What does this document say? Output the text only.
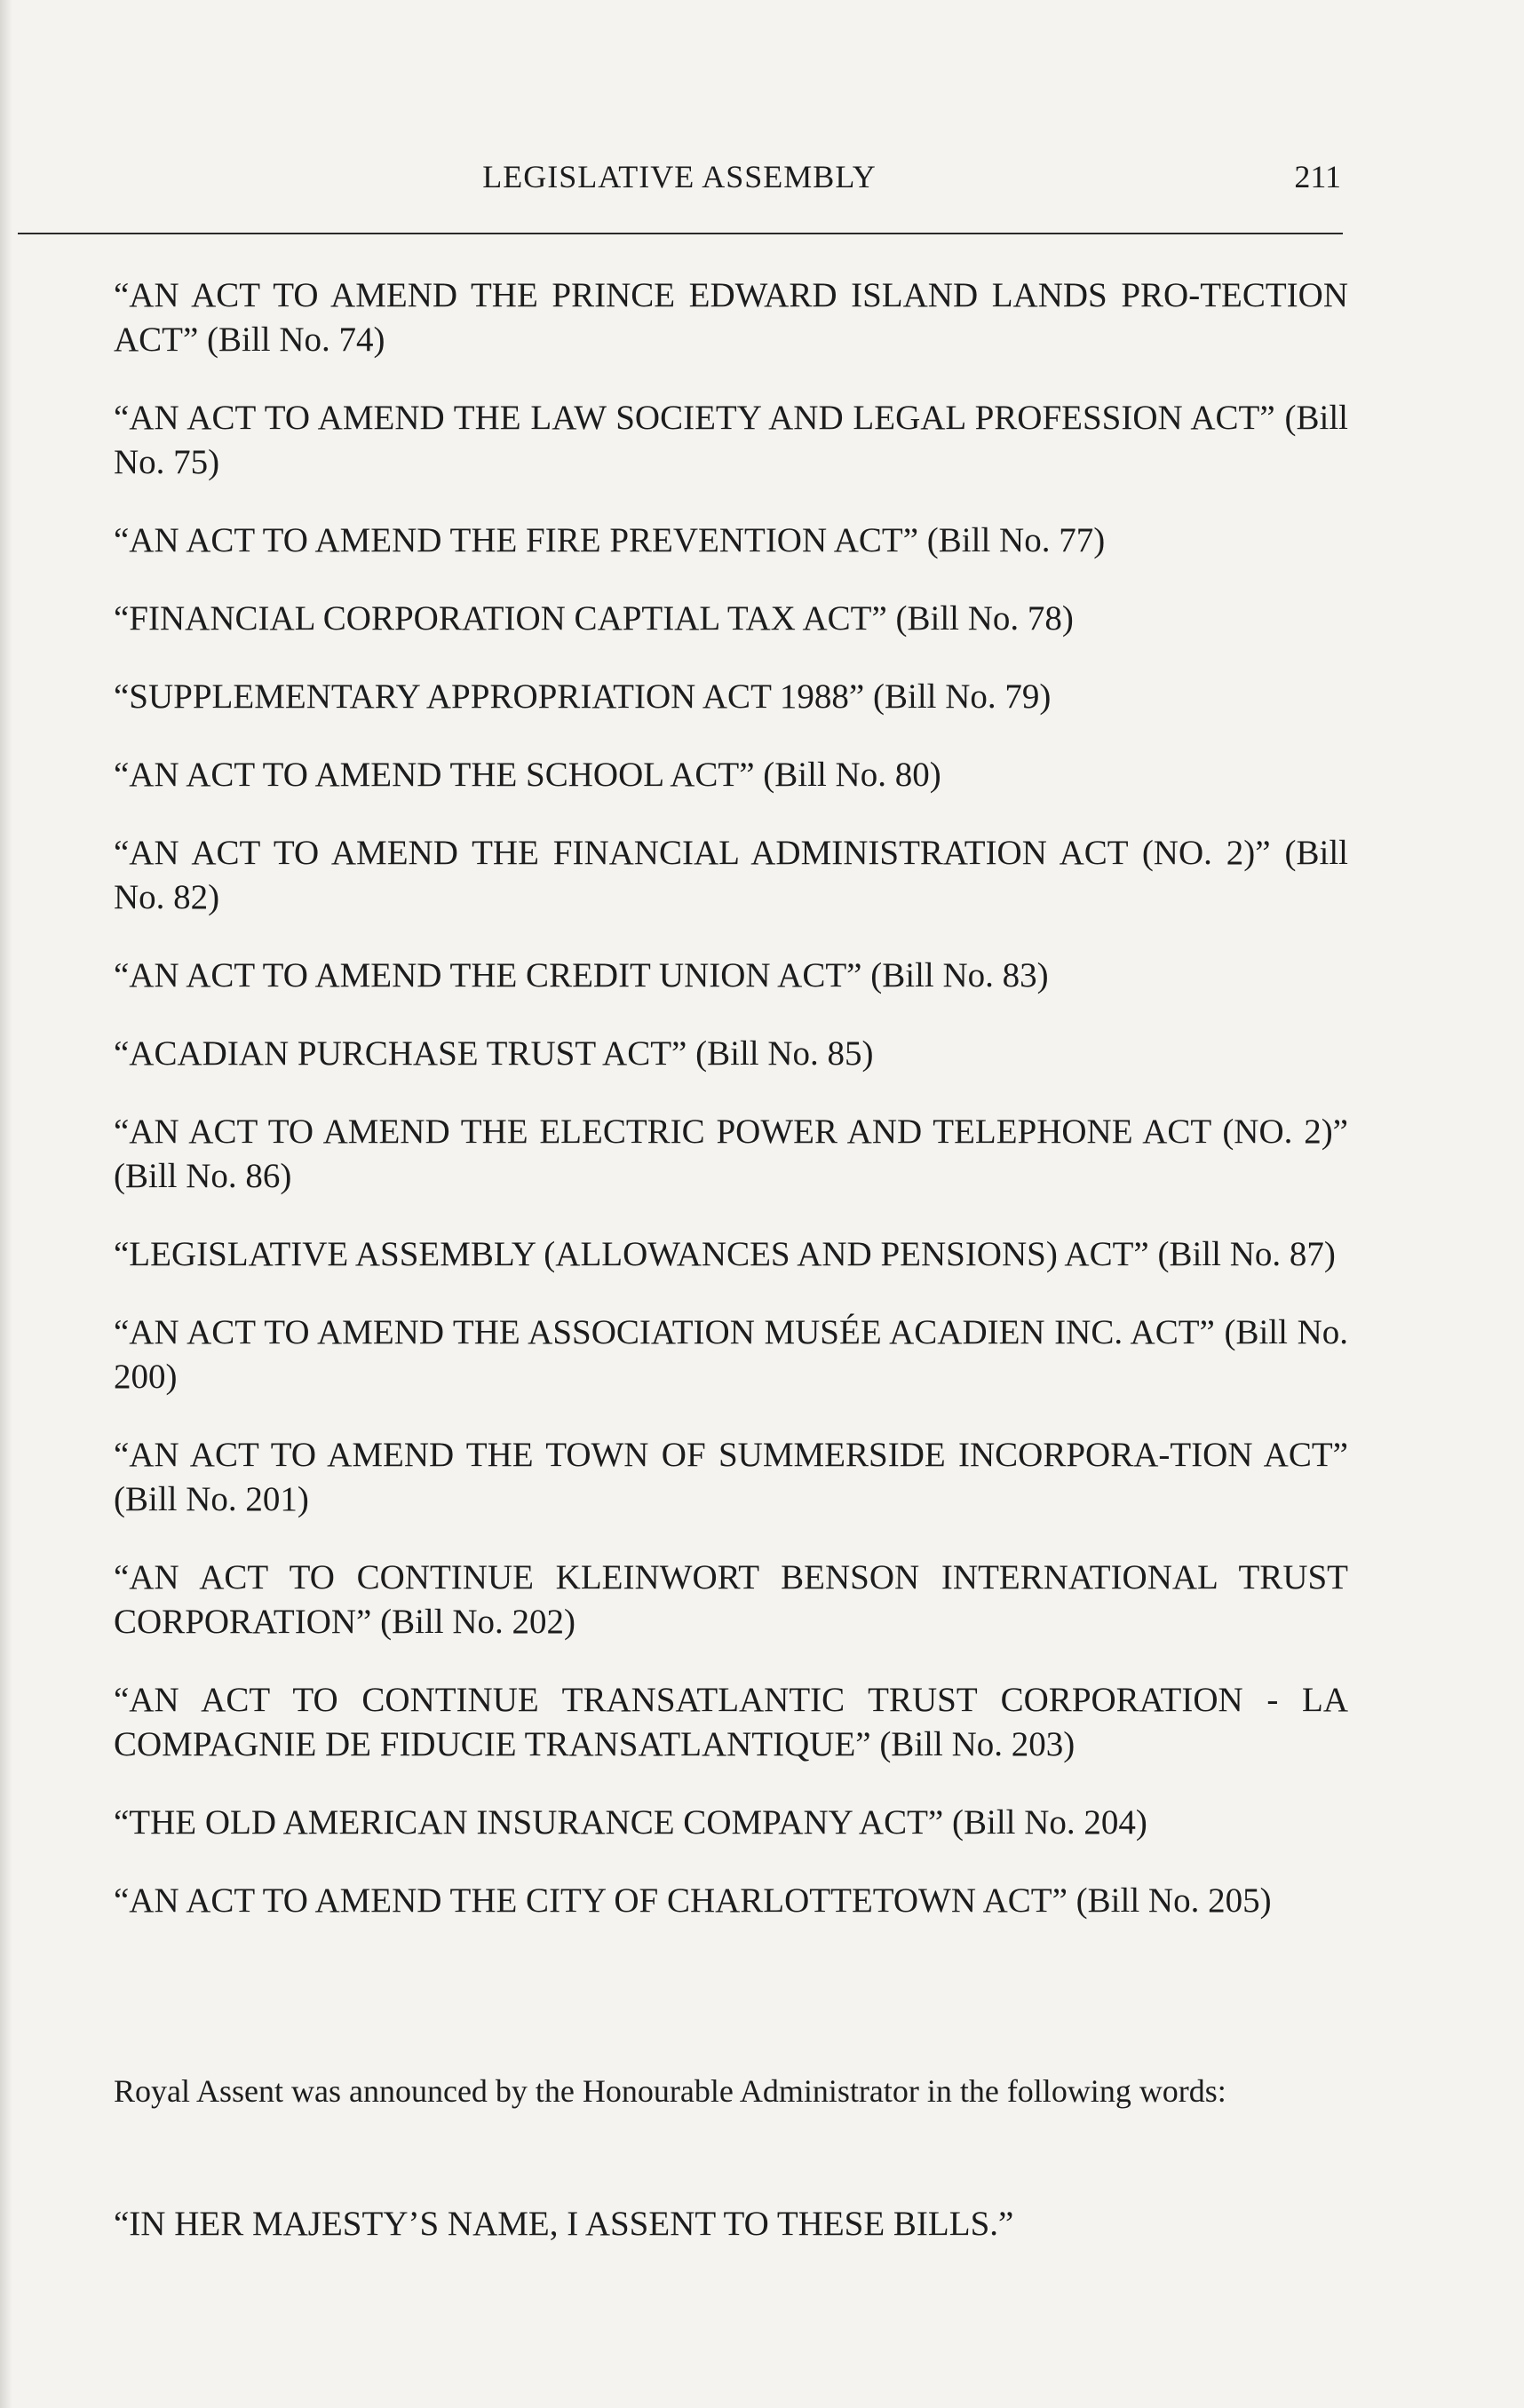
LEGISLATIVE ASSEMBLY	211

“AN ACT TO AMEND THE PRINCE EDWARD ISLAND LANDS PRO-TECTION ACT” (Bill No. 74)

“AN ACT TO AMEND THE LAW SOCIETY AND LEGAL PROFESSION ACT” (Bill No. 75)

“AN ACT TO AMEND THE FIRE PREVENTION ACT” (Bill No. 77)

“FINANCIAL CORPORATION CAPTIAL TAX ACT” (Bill No. 78)

“SUPPLEMENTARY APPROPRIATION ACT 1988” (Bill No. 79)

“AN ACT TO AMEND THE SCHOOL ACT” (Bill No. 80)

“AN ACT TO AMEND THE FINANCIAL ADMINISTRATION ACT (NO. 2)” (Bill No. 82)

“AN ACT TO AMEND THE CREDIT UNION ACT” (Bill No. 83)

“ACADIAN PURCHASE TRUST ACT” (Bill No. 85)

“AN ACT TO AMEND THE ELECTRIC POWER AND TELEPHONE ACT (NO. 2)” (Bill No. 86)

“LEGISLATIVE ASSEMBLY (ALLOWANCES AND PENSIONS) ACT” (Bill No. 87)

“AN ACT TO AMEND THE ASSOCIATION MUSÉE ACADIEN INC. ACT” (Bill No. 200)

“AN ACT TO AMEND THE TOWN OF SUMMERSIDE INCORPORA-TION ACT” (Bill No. 201)

“AN ACT TO CONTINUE KLEINWORT BENSON INTERNATIONAL TRUST CORPORATION” (Bill No. 202)

“AN ACT TO CONTINUE TRANSATLANTIC TRUST CORPORATION - LA COMPAGNIE DE FIDUCIE TRANSATLANTIQUE” (Bill No. 203)

“THE OLD AMERICAN INSURANCE COMPANY ACT” (Bill No. 204)

“AN ACT TO AMEND THE CITY OF CHARLOTTETOWN ACT” (Bill No. 205)

Royal Assent was announced by the Honourable Administrator in the following words:

“IN HER MAJESTY’S NAME, I ASSENT TO THESE BILLS.”
